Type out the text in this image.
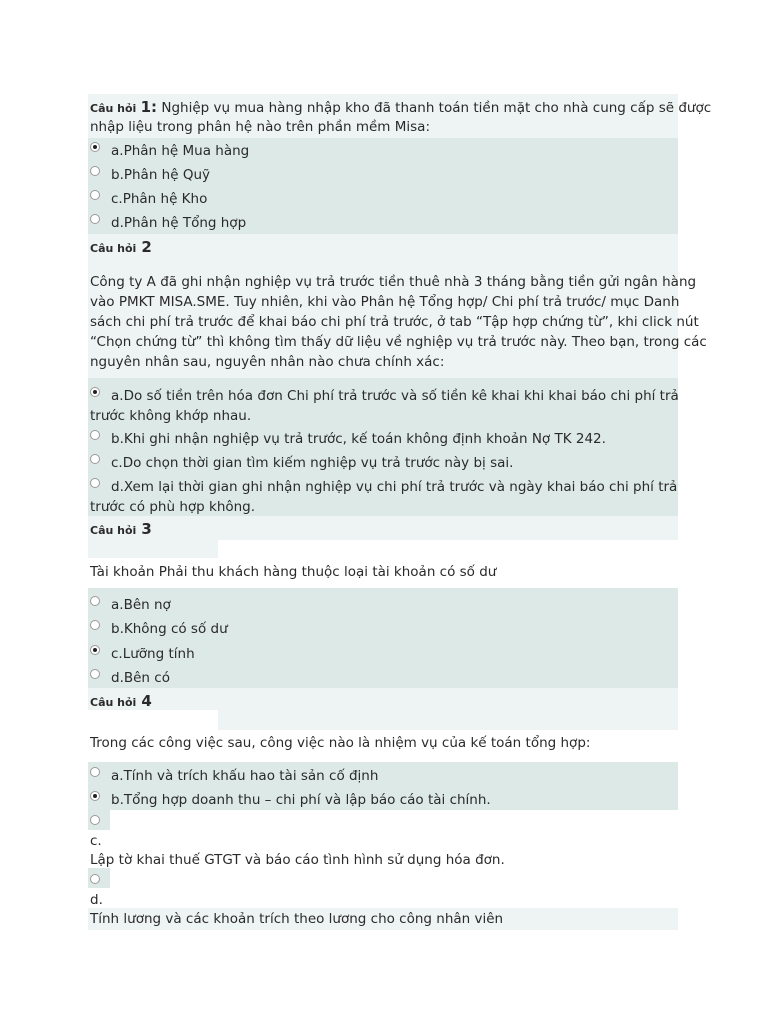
Câu hỏi 1: Nghiệp vụ mua hàng nhập kho đã thanh toán tiền mặt cho nhà cung cấp sẽ được
nhập liệu trong phân hệ nào trên phần mềm Misa:
a.Phân hệ Mua hàng
b.Phân hệ Quỹ
c.Phân hệ Kho
d.Phân hệ Tổng hợp
Câu hỏi 2
Công ty A đã ghi nhận nghiệp vụ trả trước tiền thuê nhà 3 tháng bằng tiền gửi ngân hàng
vào PMKT MISA.SME. Tuy nhiên, khi vào Phân hệ Tổng hợp/ Chi phí trả trước/ mục Danh
sách chi phí trả trước để khai báo chi phí trả trước, ở tab “Tập hợp chứng từ”, khi click nút
“Chọn chứng từ” thì không tìm thấy dữ liệu về nghiệp vụ trả trước này. Theo bạn, trong các
nguyên nhân sau, nguyên nhân nào chưa chính xác:
a.Do số tiền trên hóa đơn Chi phí trả trước và số tiền kê khai khi khai báo chi phí trả
trước không khớp nhau.
b.Khi ghi nhận nghiệp vụ trả trước, kế toán không định khoản Nợ TK 242.
c.Do chọn thời gian tìm kiếm nghiệp vụ trả trước này bị sai.
d.Xem lại thời gian ghi nhận nghiệp vụ chi phí trả trước và ngày khai báo chi phí trả
trước có phù hợp không.
Câu hỏi 3
Tài khoản Phải thu khách hàng thuộc loại tài khoản có số dư
a.Bên nợ
b.Không có số dư
c.Lưỡng tính
d.Bên có
Câu hỏi 4
Trong các công việc sau, công việc nào là nhiệm vụ của kế toán tổng hợp:
a.Tính và trích khấu hao tài sản cố định
b.Tổng hợp doanh thu – chi phí và lập báo cáo tài chính.
c.
Lập tờ khai thuế GTGT và báo cáo tình hình sử dụng hóa đơn.
d.
Tính lương và các khoản trích theo lương cho công nhân viên
